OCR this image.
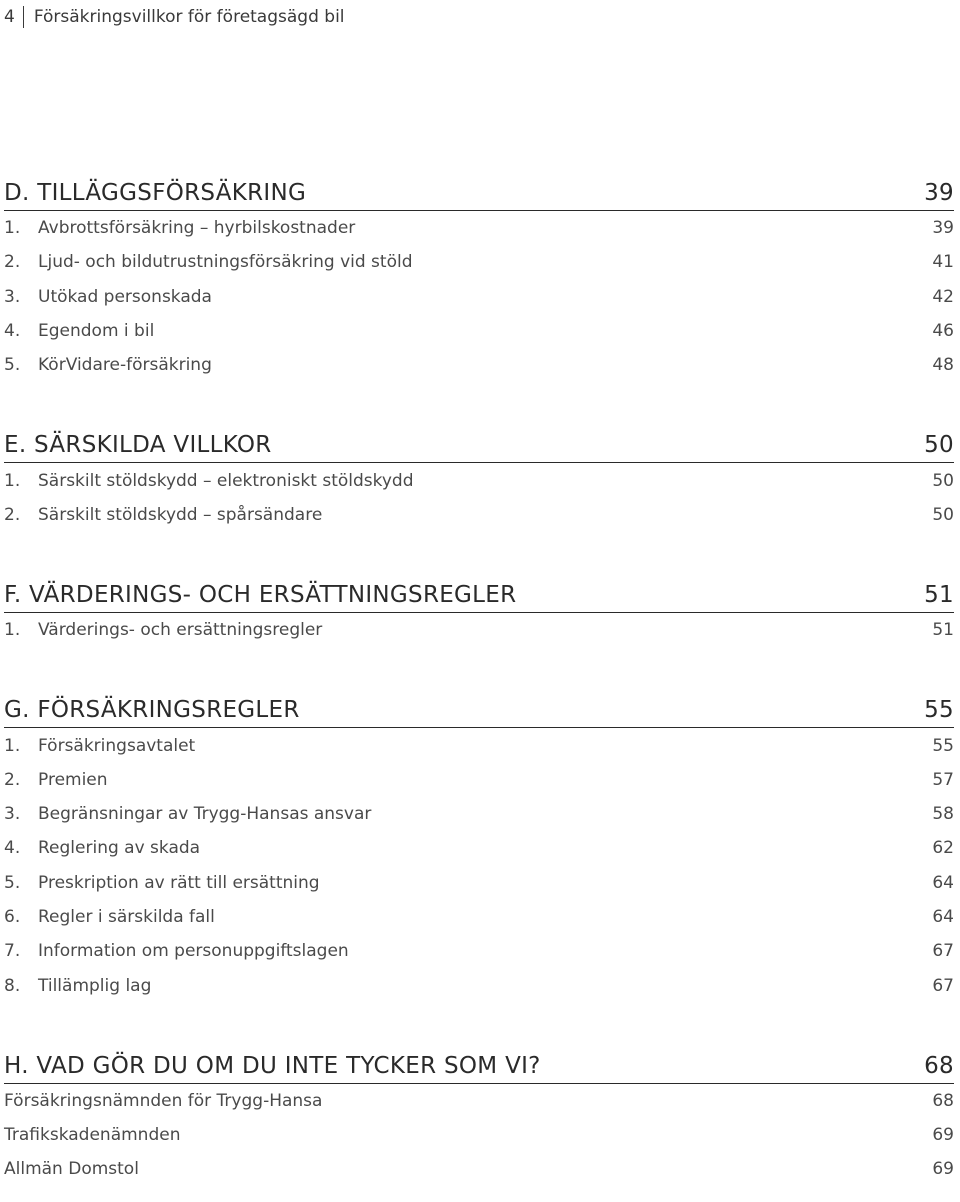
4 Försäkringsvillkor för företagsägd bil
D. TILLÄGGSFÖRSÄKRING	39
1. Avbrottsförsäkring – hyrbilskostnader	39
2. Ljud- och bildutrustningsförsäkring vid stöld	41
3. Utökad personskada	42
4. Egendom i bil	46
5. KörVidare-försäkring	48
E. SÄRSKILDA VILLKOR	50
1. Särskilt stöldskydd – elektroniskt stöldskydd	50
2. Särskilt stöldskydd – spårsändare	50
F. VÄRDERINGS- OCH ERSÄTTNINGSREGLER	51
1. Värderings- och ersättningsregler	51
G. FÖRSÄKRINGSREGLER	55
1. Försäkringsavtalet	55
2. Premien	57
3. Begränsningar av Trygg-Hansas ansvar	58
4. Reglering av skada	62
5. Preskription av rätt till ersättning	64
6. Regler i särskilda fall	64
7. Information om personuppgiftslagen	67
8. Tillämplig lag	67
H. VAD GÖR DU OM DU INTE TYCKER SOM VI?	68
Försäkringsnämnden för Trygg-Hansa	68
Trafikskadenämnden	69
Allmän Domstol	69
